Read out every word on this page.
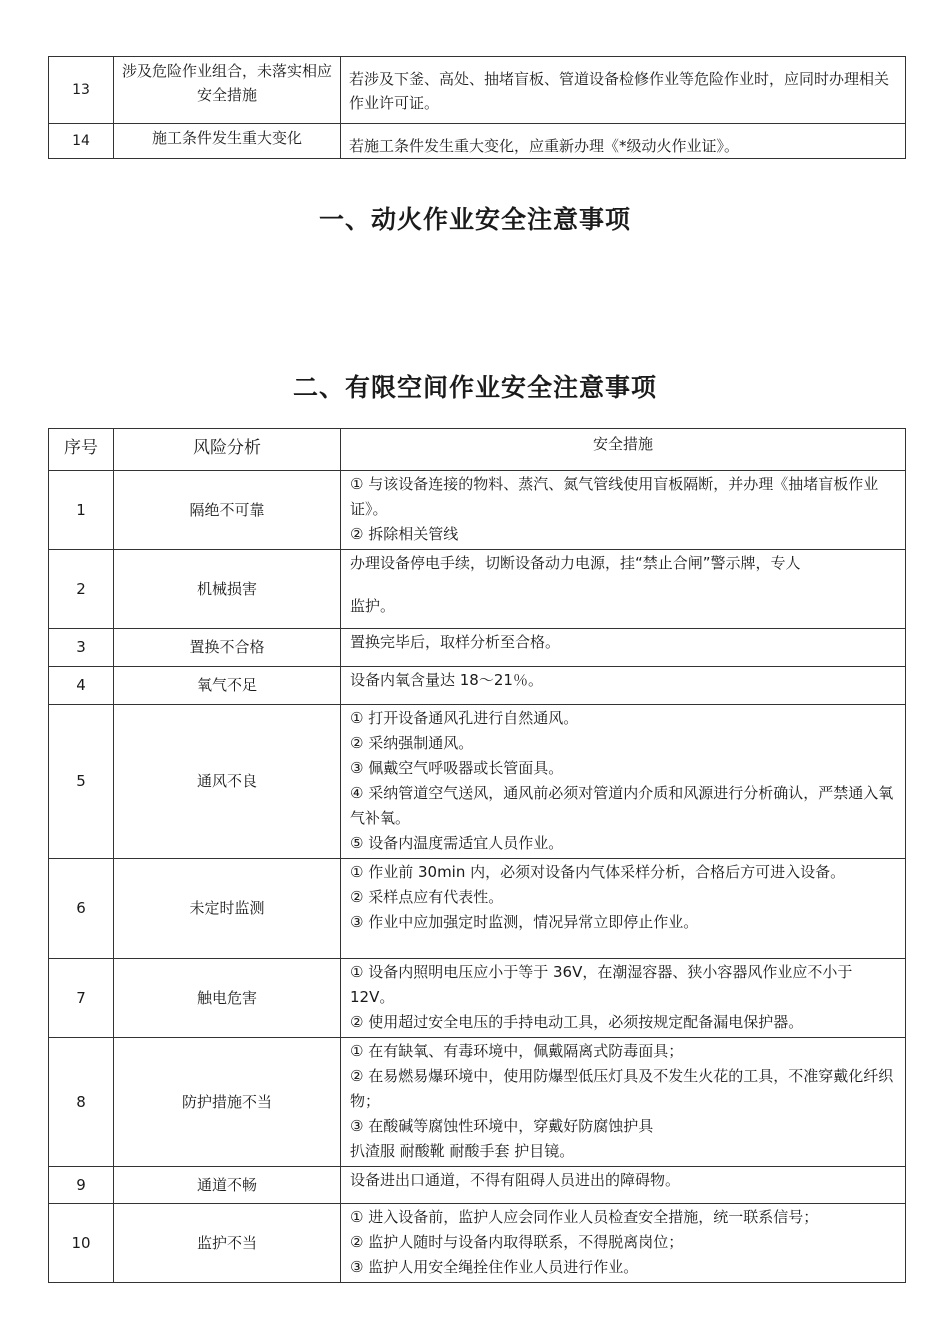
13	涉及危险作业组合，未落实相应安全措施	若涉及下釜、高处、抽堵盲板、管道设备检修作业等危险作业时，应同时办理相关作业许可证。
14	施工条件发生重大变化	若施工条件发生重大变化，应重新办理《*级动火作业证》。
一、动火作业安全注意事项
二、有限空间作业安全注意事项
序号	风险分析	安全措施
1	隔绝不可靠	① 与该设备连接的物料、蒸汽、氮气管线使用盲板隔断，并办理《抽堵盲板作业证》。
② 拆除相关管线

2	机械损害	办理设备停电手续，切断设备动力电源，挂“禁止合闸”警示牌，专人
监护。

3	置换不合格	置换完毕后，取样分析至合格。

4	氧气不足	设备内氧含量达 18～21％。

5	通风不良	① 打开设备通风孔进行自然通风。
② 采纳强制通风。
③ 佩戴空气呼吸器或长管面具。
④ 采纳管道空气送风，通风前必须对管道内介质和风源进行分析确认，严禁通入氧气补氧。
⑤ 设备内温度需适宜人员作业。

6	未定时监测	① 作业前 30min 内，必须对设备内气体采样分析，合格后方可进入设备。
② 采样点应有代表性。
③ 作业中应加强定时监测，情况异常立即停止作业。

7	触电危害	① 设备内照明电压应小于等于 36V，在潮湿容器、狭小容器风作业应不小于 12V。
② 使用超过安全电压的手持电动工具，必须按规定配备漏电保护器。

8	防护措施不当	① 在有缺氧、有毒环境中，佩戴隔离式防毒面具；
② 在易燃易爆环境中，使用防爆型低压灯具及不发生火花的工具，不准穿戴化纤织物；
③ 在酸碱等腐蚀性环境中，穿戴好防腐蚀护具
扒渣服 耐酸靴 耐酸手套 护目镜。

9	通道不畅	设备进出口通道，不得有阻碍人员进出的障碍物。

10	监护不当	① 进入设备前，监护人应会同作业人员检查安全措施，统一联系信号；
② 监护人随时与设备内取得联系，不得脱离岗位；
③ 监护人用安全绳拴住作业人员进行作业。
